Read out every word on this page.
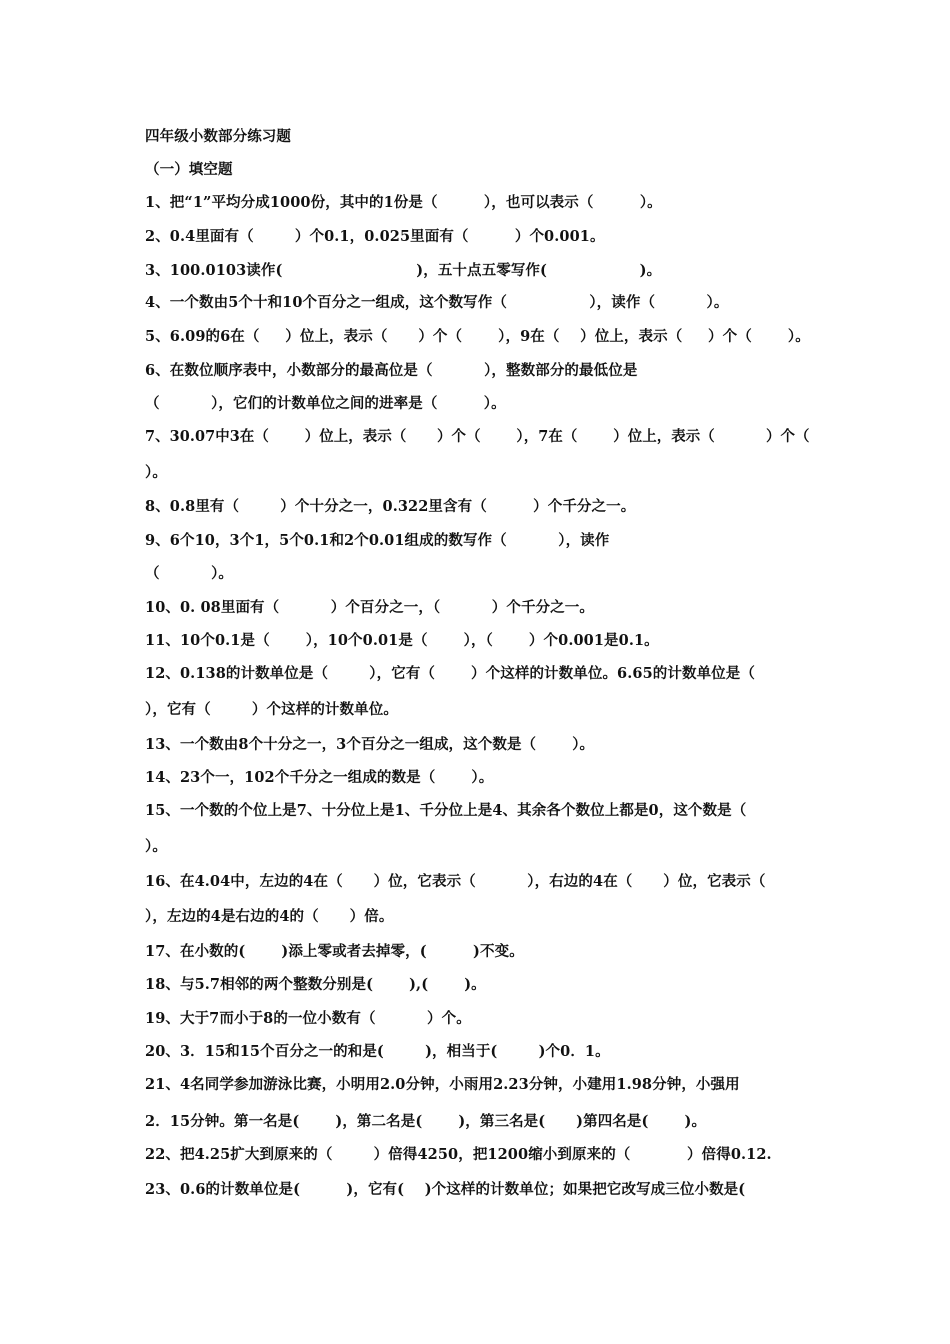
四年级小数部分练习题
（一）填空题
1、把“1”平均分成1000份，其中的1份是（         ），也可以表示（         ）。
2、0.4里面有（        ）个0.1，0.025里面有（         ）个0.001。
3、100.0103读作(                          )，五十点五零写作(                  )。
4、一个数由5个十和10个百分之一组成，这个数写作（                ），读作（          ）。
5、6.09的6在（     ）位上，表示（      ）个（       ），9在（    ）位上，表示（     ）个（       ）。
6、在数位顺序表中，小数部分的最高位是（          ），整数部分的最低位是
（          ），它们的计数单位之间的进率是（         ）。
7、30.07中3在（       ）位上，表示（      ）个（       ），7在（       ）位上，表示（          ）个（
）。
8、0.8里有（        ）个十分之一，0.322里含有（         ）个千分之一。
9、6个10，3个1，5个0.1和2个0.01组成的数写作（          ），读作
（          ）。
10、0. 08里面有（          ）个百分之一，（          ）个千分之一。
11、10个0.1是（       ），10个0.01是（       ），（       ）个0.001是0.1。
12、0.138的计数单位是（        ），它有（       ）个这样的计数单位。6.65的计数单位是（
），它有（        ）个这样的计数单位。
13、一个数由8个十分之一，3个百分之一组成，这个数是（       ）。
14、23个一，102个千分之一组成的数是（       ）。
15、一个数的个位上是7、十分位上是1、千分位上是4、其余各个数位上都是0，这个数是（
）。
16、在4.04中，左边的4在（      ）位，它表示（          ），右边的4在（      ）位，它表示（
），左边的4是右边的4的（      ）倍。
17、在小数的(       )添上零或者去掉零，(         )不变。
18、与5.7相邻的两个整数分别是(       ),(       )。
19、大于7而小于8的一位小数有（          ）个。
20、3．15和15个百分之一的和是(        )，相当于(        )个0．1。
21、4名同学参加游泳比赛，小明用2.0分钟，小雨用2.23分钟，小建用1.98分钟，小强用
2．15分钟。第一名是(       )，第二名是(       )，第三名是(      )第四名是(       )。
22、把4.25扩大到原来的（        ）倍得4250，把1200缩小到原来的（           ）倍得0.12.
23、0.6的计数单位是(         )，它有(    )个这样的计数单位；如果把它改写成三位小数是(
